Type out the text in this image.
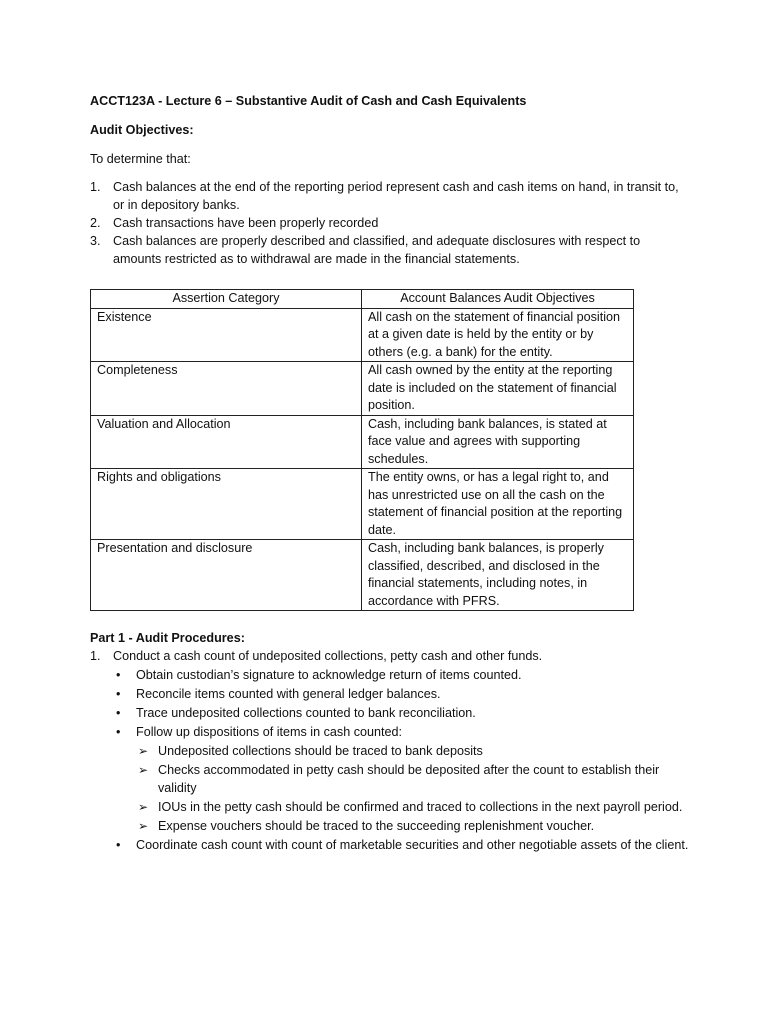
ACCT123A - Lecture 6 – Substantive Audit of Cash and Cash Equivalents
Audit Objectives:
To determine that:
1. Cash balances at the end of the reporting period represent cash and cash items on hand, in transit to, or in depository banks.
2. Cash transactions have been properly recorded
3. Cash balances are properly described and classified, and adequate disclosures with respect to amounts restricted as to withdrawal are made in the financial statements.
Assertion Category	Account Balances Audit Objectives
Existence	All cash on the statement of financial position at a given date is held by the entity or by others (e.g. a bank) for the entity.
Completeness	All cash owned by the entity at the reporting date is included on the statement of financial position.
Valuation and Allocation	Cash, including bank balances, is stated at face value and agrees with supporting schedules.
Rights and obligations	The entity owns, or has a legal right to, and has unrestricted use on all the cash on the statement of financial position at the reporting date.
Presentation and disclosure	Cash, including bank balances, is properly classified, described, and disclosed in the financial statements, including notes, in accordance with PFRS.
Part 1 - Audit Procedures:
1. Conduct a cash count of undeposited collections, petty cash and other funds.
• Obtain custodian’s signature to acknowledge return of items counted.
• Reconcile items counted with general ledger balances.
• Trace undeposited collections counted to bank reconciliation.
• Follow up dispositions of items in cash counted:
➢ Undeposited collections should be traced to bank deposits
➢ Checks accommodated in petty cash should be deposited after the count to establish their validity
➢ IOUs in the petty cash should be confirmed and traced to collections in the next payroll period.
➢ Expense vouchers should be traced to the succeeding replenishment voucher.
• Coordinate cash count with count of marketable securities and other negotiable assets of the client.
